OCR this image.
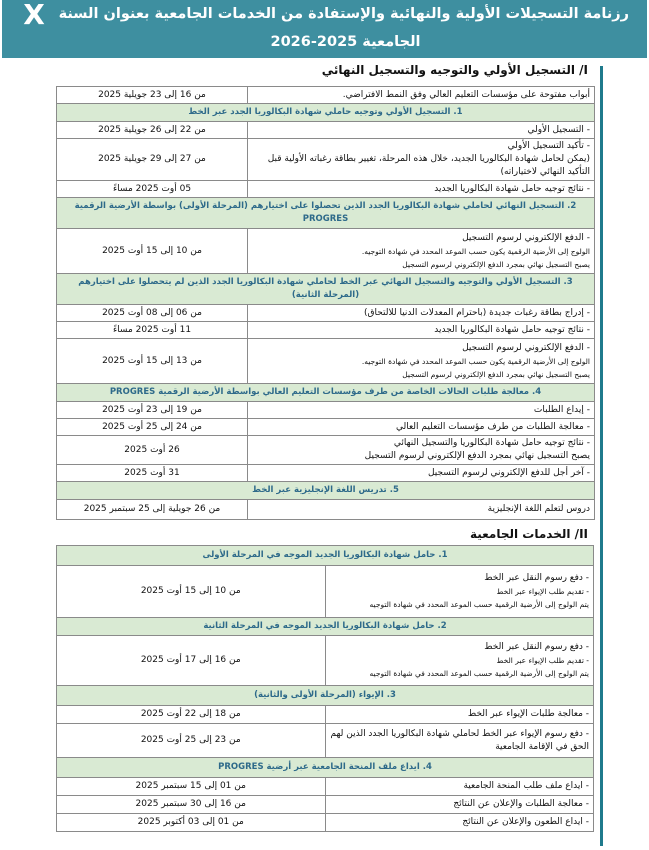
X رزنامة التسجيلات الأولية والنهائية والإستفادة من الخدمات الجامعية بعنوان السنة
الجامعية 2025-2026
I/ التسجيل الأولي والتوجيه والتسجيل النهائي
أبواب مفتوحة على مؤسسات التعليم العالي وفق النمط الافتراضي.	من 16 إلى 23 جويلية 2025
1. التسجيل الأولي وتوجيه حاملي شهادة البكالوريا الجدد عبر الخط	

- التسجيل الأولي	من 22 إلى 26 جويلية 2025

- تأكيد التسجيل الأولي
(يمكن لحامل شهادة البكالوريا الجديد، خلال هذه المرحلة، تغيير بطاقة رغباته الأولية قبل التأكيد النهائي لاختياراته)	من 27 إلى 29 جويلية 2025

- نتائج توجيه حامل شهادة البكالوريا الجديد	05 أوت 2025 مساءً
2. التسجيل النهائي لحاملي شهادة البكالوريا الجدد الذين تحصلوا على اختيارهم (المرحلة الأولى) بواسطة الأرضية الرقمية PROGRES	

- الدفع الإلكتروني لرسوم التسجيل
الولوج إلى الأرضية الرقمية يكون حسب الموعد المحدد في شهادة التوجيه.
يصبح التسجيل نهائي بمجرد الدفع الإلكتروني لرسوم التسجيل	من 10 إلى 15 أوت 2025
3. التسجيل الأولي والتوجيه والتسجيل النهائي عبر الخط لحاملي شهادة البكالوريا الجدد الذين لم يتحصلوا على اختيارهم (المرحلة الثانية)	

- إدراج بطاقة رغبات جديدة (باحترام المعدلات الدنيا للالتحاق)	من 06 إلى 08 أوت 2025

- نتائج توجيه حامل شهادة البكالوريا الجديد	11 أوت 2025 مساءً

- الدفع الإلكتروني لرسوم التسجيل
الولوج إلى الأرضية الرقمية يكون حسب الموعد المحدد في شهادة التوجيه.
يصبح التسجيل نهائي بمجرد الدفع الإلكتروني لرسوم التسجيل	من 13 إلى 15 أوت 2025
4. معالجة طلبات الحالات الخاصة من طرف مؤسسات التعليم العالي بواسطة الأرضية الرقمية PROGRES	

- إيداع الطلبات	من 19 إلى 23 أوت 2025

- معالجة الطلبات من طرف مؤسسات التعليم العالي	من 24 إلى 25 أوت 2025

- نتائج توجيه حامل شهادة البكالوريا والتسجيل النهائي
يصبح التسجيل نهائي بمجرد الدفع الإلكتروني لرسوم التسجيل	26 أوت 2025

- آخر أجل للدفع الإلكتروني لرسوم التسجيل	31 أوت 2025
5. تدريس اللغة الإنجليزية عبر الخط	

دروس لتعلم اللغة الإنجليزية	من 26 جويلية إلى 25 سبتمبر 2025
II/ الخدمات الجامعية
1. حامل شهادة البكالوريا الجديد الموجه في المرحلة الأولى	

- دفع رسوم النقل عبر الخط
- تقديم طلب الإيواء عبر الخط
يتم الولوج إلى الأرضية الرقمية حسب الموعد المحدد في شهادة التوجيه	من 10 إلى 15 أوت 2025
2. حامل شهادة البكالوريا الجديد الموجه في المرحلة الثانية	

- دفع رسوم النقل عبر الخط
- تقديم طلب الإيواء عبر الخط
يتم الولوج إلى الأرضية الرقمية حسب الموعد المحدد في شهادة التوجيه	من 16 إلى 17 أوت 2025
3. الإيواء (المرحلة الأولى والثانية)	

- معالجة طلبات الإيواء عبر الخط	من 18 إلى 22 أوت 2025

- دفع رسوم الإيواء عبر الخط لحاملي شهادة البكالوريا الجدد الذين لهم الحق في الإقامة الجامعية	من 23 إلى 25 أوت 2025
4. ايداع ملف المنحة الجامعية عبر أرضية PROGRES	

- ايداع ملف طلب المنحة الجامعية	من 01 إلى 15 سبتمبر 2025

- معالجة الطلبات والإعلان عن النتائج	من 16 إلى 30 سبتمبر 2025

- ايداع الطعون والإعلان عن النتائج	من 01 إلى 03 أكتوبر 2025
